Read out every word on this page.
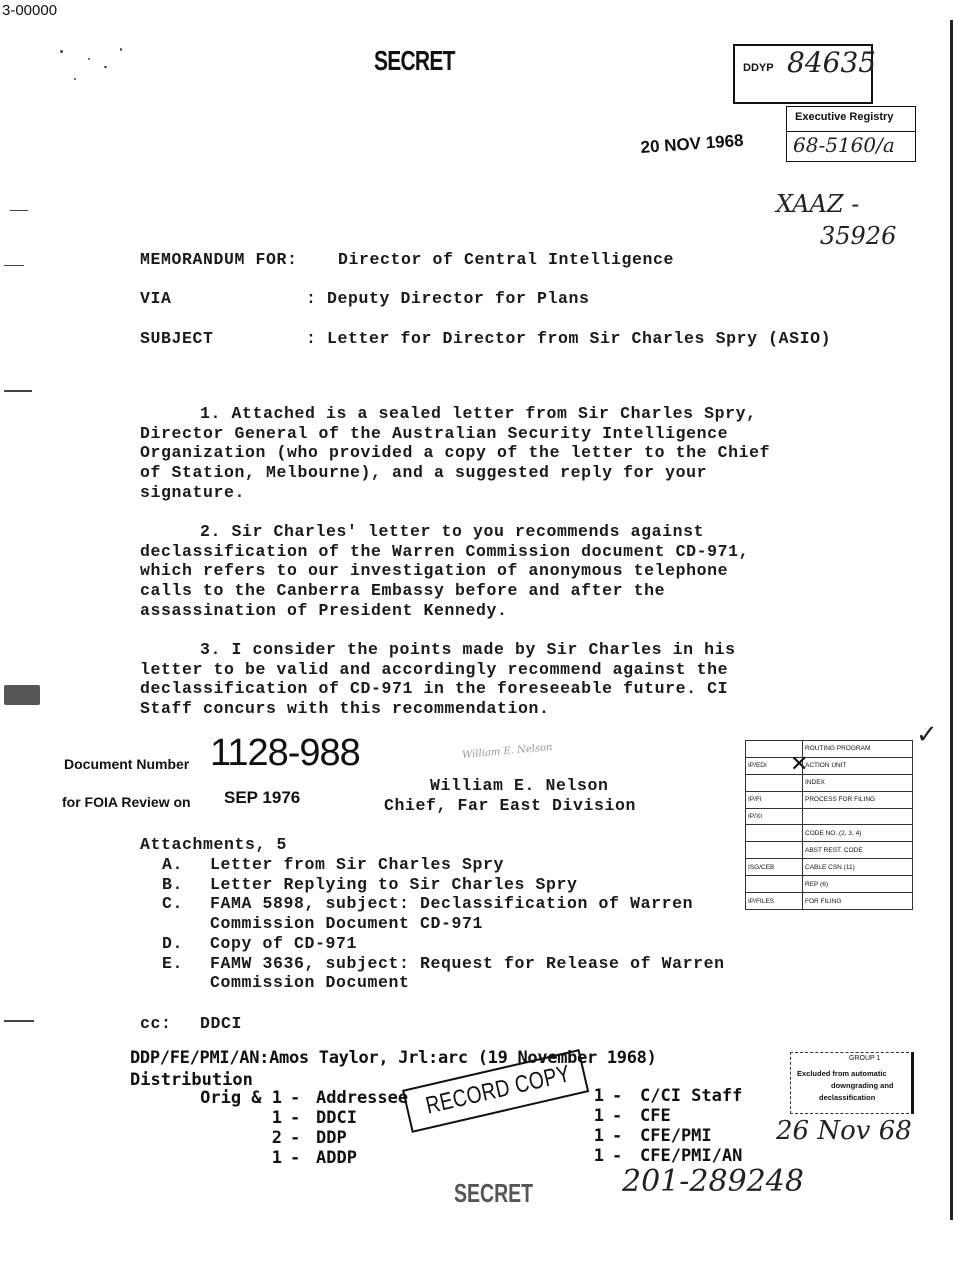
3-00000
SECRET	DDYP 84635
Executive Registry
68-5160/a
20 NOV 1968
XAAZ -
35926
MEMORANDUM FOR: Director of Central Intelligence
VIA	: Deputy Director for Plans
SUBJECT	: Letter for Director from Sir Charles Spry (ASIO)
1. Attached is a sealed letter from Sir Charles Spry,
Director General of the Australian Security Intelligence
Organization (who provided a copy of the letter to the Chief
of Station, Melbourne), and a suggested reply for your
signature.
2. Sir Charles' letter to you recommends against
declassification of the Warren Commission document CD-971,
which refers to our investigation of anonymous telephone
calls to the Canberra Embassy before and after the
assassination of President Kennedy.
3. I consider the points made by Sir Charles in his
letter to be valid and accordingly recommend against the
declassification of CD-971 in the foreseeable future. CI
Staff concurs with this recommendation.
Document Number 1128-988
for FOIA Review on SEP 1976
William E. Nelson
William E. Nelson
Chief, Far East Division
✓
	ROUTING PROGRAM
IP/EDI	ACTION UNIT
	INDEX
IP/FI	PROCESS FOR FILING
IP/XI	
	CODE NO. (2, 3, 4)
	ABST REST. CODE
ISG/CEB	CABLE CSN (11)
	REP (6)
IP/FILES	FOR FILING
✕
Attachments, 5
A. Letter from Sir Charles Spry
B. Letter Replying to Sir Charles Spry
C. FAMA 5898, subject: Declassification of Warren
Commission Document CD-971
D. Copy of CD-971
E. FAMW 3636, subject: Request for Release of Warren
Commission Document
cc: DDCI
DDP/FE/PMI/AN:Amos Taylor, Jrl:arc (19 November 1968)
Distribution
Orig & 1 - Addressee
1 - DDCI
2 - DDP
1 - ADDP
1 - C/CI Staff
1 - CFE
1 - CFE/PMI
1 - CFE/PMI/AN
RECORD COPY
GROUP 1
Excluded from automatic
downgrading and
declassification
26 Nov 68
SECRET	201-289248
